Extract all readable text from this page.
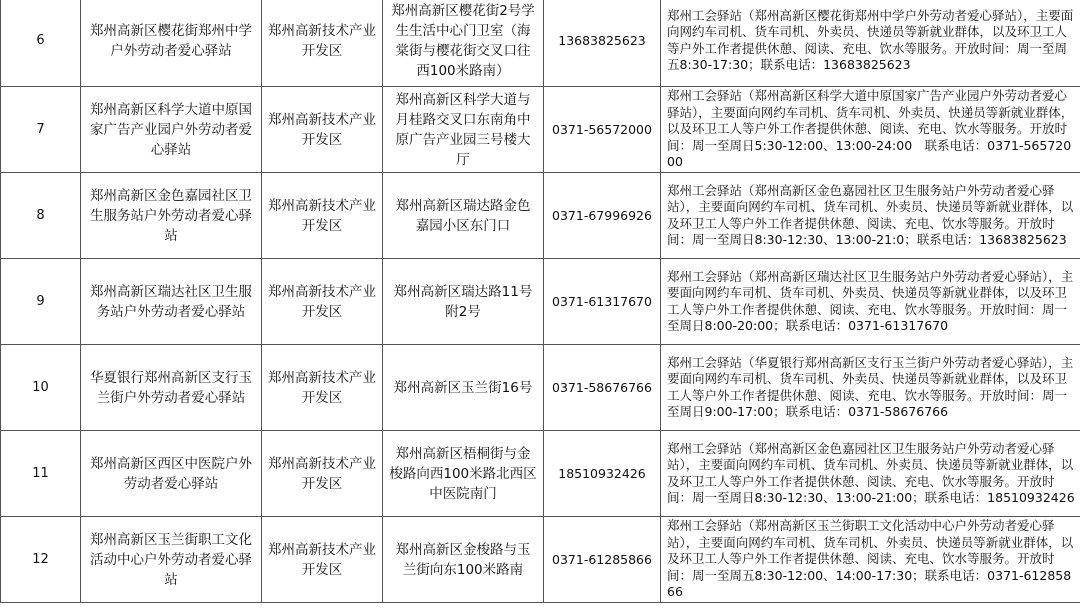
6	郑州高新区樱花街郑州中学户外劳动者爱心驿站	郑州高新技术产业开发区	郑州高新区樱花街2号学生生活中心门卫室（海棠街与樱花街交叉口往西100米路南）	13683825623	郑州工会驿站（郑州高新区樱花街郑州中学户外劳动者爱心驿站），主要面向网约车司机、货车司机、外卖员、快递员等新就业群体，以及环卫工人等户外工作者提供休憩、阅读、充电、饮水等服务。开放时间：周一至周五8:30-17:30；联系电话：13683825623
7	郑州高新区科学大道中原国家广告产业园户外劳动者爱心驿站	郑州高新技术产业开发区	郑州高新区科学大道与月桂路交叉口东南角中原广告产业园三号楼大厅	0371-56572000	郑州工会驿站（郑州高新区科学大道中原国家广告产业园户外劳动者爱心驿站），主要面向网约车司机、货车司机、外卖员、快递员等新就业群体，以及环卫工人等户外工作者提供休憩、阅读、充电、饮水等服务。开放时间：周一至周日5:30-12:00、13:00-24:00　联系电话：0371-56572000
8	郑州高新区金色嘉园社区卫生服务站户外劳动者爱心驿站	郑州高新技术产业开发区	郑州高新区瑞达路金色嘉园小区东门口	0371-67996926	郑州工会驿站（郑州高新区金色嘉园社区卫生服务站户外劳动者爱心驿站），主要面向网约车司机、货车司机、外卖员、快递员等新就业群体，以及环卫工人等户外工作者提供休憩、阅读、充电、饮水等服务。开放时间：周一至周日8:30-12:30、13:00-21:0；联系电话：13683825623
9	郑州高新区瑞达社区卫生服务站户外劳动者爱心驿站	郑州高新技术产业开发区	郑州高新区瑞达路11号附2号	0371-61317670	郑州工会驿站（郑州高新区瑞达社区卫生服务站户外劳动者爱心驿站），主要面向网约车司机、货车司机、外卖员、快递员等新就业群体，以及环卫工人等户外工作者提供休憩、阅读、充电、饮水等服务。开放时间：周一至周日8:00-20:00；联系电话：0371-61317670
10	华夏银行郑州高新区支行玉兰街户外劳动者爱心驿站	郑州高新技术产业开发区	郑州高新区玉兰街16号	0371-58676766	郑州工会驿站（华夏银行郑州高新区支行玉兰街户外劳动者爱心驿站），主要面向网约车司机、货车司机、外卖员、快递员等新就业群体，以及环卫工人等户外工作者提供休憩、阅读、充电、饮水等服务。开放时间：周一至周日9:00-17:00；联系电话：0371-58676766
11	郑州高新区西区中医院户外劳动者爱心驿站	郑州高新技术产业开发区	郑州高新区梧桐街与金梭路向西100米路北西区中医院南门	18510932426	郑州工会驿站（郑州高新区金色嘉园社区卫生服务站户外劳动者爱心驿站），主要面向网约车司机、货车司机、外卖员、快递员等新就业群体，以及环卫工人等户外工作者提供休憩、阅读、充电、饮水等服务。开放时间：周一至周日8:30-12:30、13:00-21:00；联系电话：18510932426
12	郑州高新区玉兰街职工文化活动中心户外劳动者爱心驿站	郑州高新技术产业开发区	郑州高新区金梭路与玉兰街向东100米路南	0371-61285866	郑州工会驿站（郑州高新区玉兰街职工文化活动中心户外劳动者爱心驿站），主要面向网约车司机、货车司机、外卖员、快递员等新就业群体，以及环卫工人等户外工作者提供休憩、阅读、充电、饮水等服务。开放时间：周一至周五8:30-12:00、14:00-17:30；联系电话：0371-61285866
